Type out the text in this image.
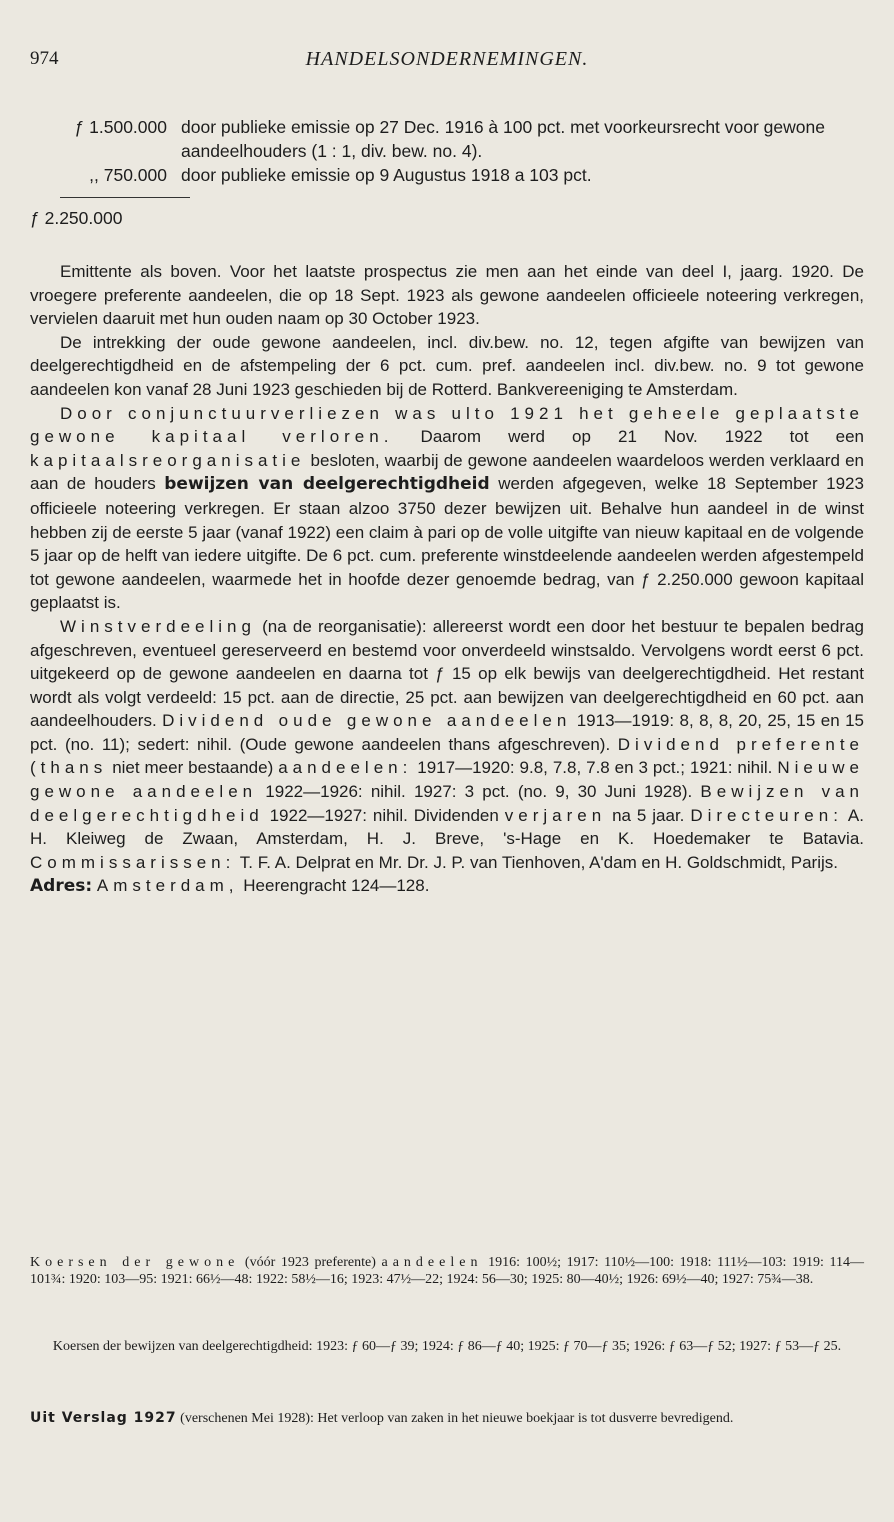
974	HANDELSONDERNEMINGEN.
ƒ 1.500.000 door publieke emissie op 27 Dec. 1916 à 100 pct. met voorkeursrecht voor gewone aandeelhouders (1 : 1, div. bew. no. 4).
,, 750.000 door publieke emissie op 9 Augustus 1918 a 103 pct.
ƒ 2.250.000

Emittente als boven. Voor het laatste prospectus zie men aan het einde van deel I, jaarg. 1920. De vroegere preferente aandeelen, die op 18 Sept. 1923 als gewone aandeelen officieele noteering verkregen, vervielen daaruit met hun ouden naam op 30 October 1923.

De intrekking der oude gewone aandeelen, incl. div.bew. no. 12, tegen afgifte van bewijzen van deelgerechtigdheid en de afstempeling der 6 pct. cum. pref. aandeelen incl. div.bew. no. 9 tot gewone aandeelen kon vanaf 28 Juni 1923 geschieden bij de Rotterd. Bankvereeniging te Amsterdam.

Door conjunctuurverliezen was ulto 1921 het geheele geplaatste gewone kapitaal verloren. Daarom werd op 21 Nov. 1922 tot een kapitaalsreorganisatie besloten, waarbij de gewone aandeelen waardeloos werden verklaard en aan de houders bewijzen van deelgerechtigdheid werden afgegeven, welke 18 September 1923 officieele noteering verkregen. Er staan alzoo 3750 dezer bewijzen uit. Behalve hun aandeel in de winst hebben zij de eerste 5 jaar (vanaf 1922) een claim à pari op de volle uitgifte van nieuw kapitaal en de volgende 5 jaar op de helft van iedere uitgifte. De 6 pct. cum. preferente winstdeelende aandeelen werden afgestempeld tot gewone aandeelen, waarmede het in hoofde dezer genoemde bedrag, van ƒ 2.250.000 gewoon kapitaal geplaatst is.

Winstverdeeling (na de reorganisatie): allereerst wordt een door het bestuur te bepalen bedrag afgeschreven, eventueel gereserveerd en bestemd voor onverdeeld winstsaldo. Vervolgens wordt eerst 6 pct. uitgekeerd op de gewone aandeelen en daarna tot ƒ 15 op elk bewijs van deelgerechtigdheid. Het restant wordt als volgt verdeeld: 15 pct. aan de directie, 25 pct. aan bewijzen van deelgerechtigdheid en 60 pct. aan aandeelhouders. Dividend oude gewone aandeelen 1913—1919: 8, 8, 8, 20, 25, 15 en 15 pct. (no. 11); sedert: nihil. (Oude gewone aandeelen thans afgeschreven). Dividend preferente (thans niet meer bestaande) aandeelen: 1917—1920: 9.8, 7.8, 7.8 en 3 pct.; 1921: nihil. Nieuwe gewone aandeelen 1922—1926: nihil. 1927: 3 pct. (no. 9, 30 Juni 1928). Bewijzen van deelgerechtigdheid 1922—1927: nihil. Dividenden verjaren na 5 jaar. Directeuren: A. H. Kleiweg de Zwaan, Amsterdam, H. J. Breve, 's-Hage en K. Hoedemaker te Batavia. Commissarissen: T. F. A. Delprat en Mr. Dr. J. P. van Tienhoven, A'dam en H. Goldschmidt, Parijs.

Adres: Amsterdam, Heerengracht 124—128.

Koersen der gewone (vóór 1923 preferente) aandeelen 1916: 100½; 1917: 110½—100: 1918: 111½—103: 1919: 114—101¾: 1920: 103—95: 1921: 66½—48: 1922: 58½—16; 1923: 47½—22; 1924: 56—30; 1925: 80—40½; 1926: 69½—40; 1927: 75¾—38.

Koersen der bewijzen van deelgerechtigdheid: 1923: ƒ 60—ƒ 39; 1924: ƒ 86—ƒ 40; 1925: ƒ 70—ƒ 35; 1926: ƒ 63—ƒ 52; 1927: ƒ 53—ƒ 25.

Uit Verslag 1927 (verschenen Mei 1928): Het verloop van zaken in het nieuwe boekjaar is tot dusverre bevredigend.
